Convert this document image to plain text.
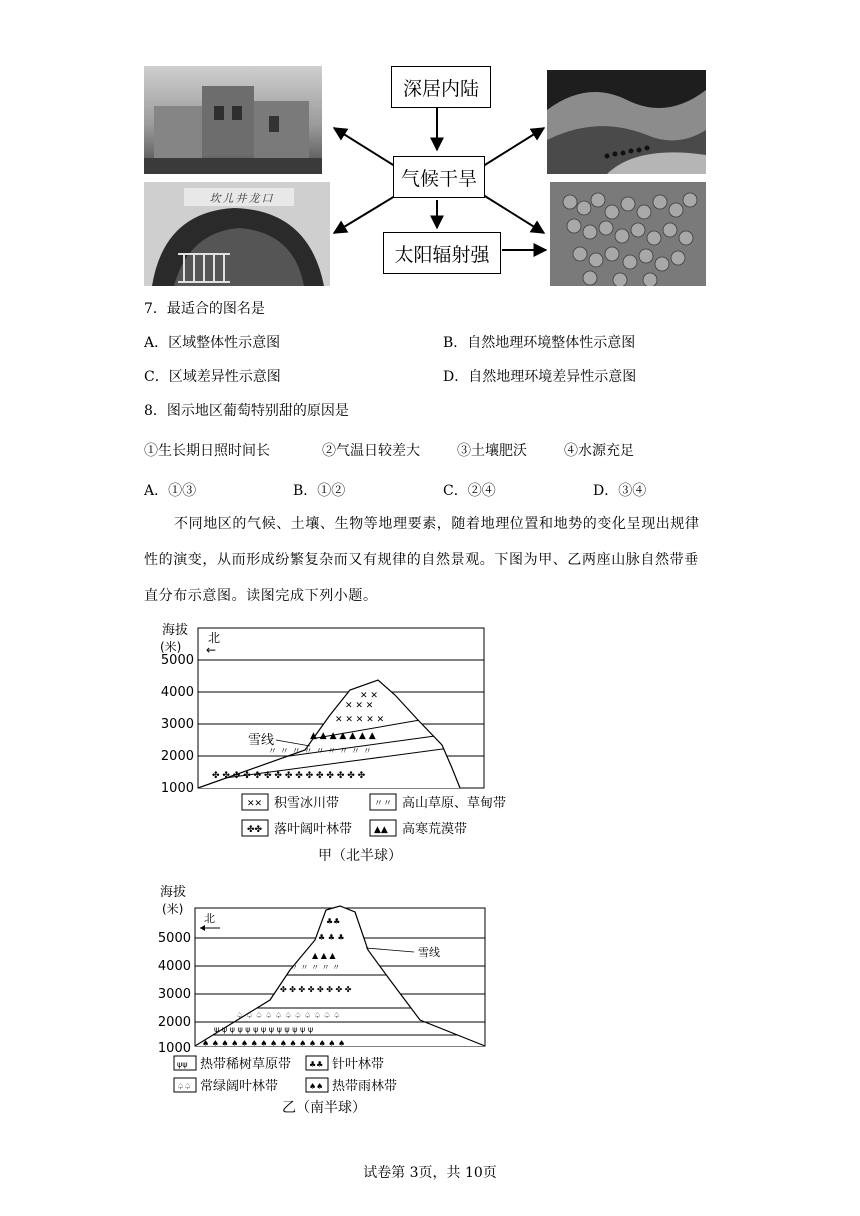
坎儿井龙口
深居内陆
气候干旱
太阳辐射强
7．最适合的图名是
A．区域整体性示意图	B．自然地理环境整体性示意图
C．区域差异性示意图	D．自然地理环境差异性示意图
8．图示地区葡萄特别甜的原因是
①生长期日照时间长	②气温日较差大	③土壤肥沃	④水源充足
A．①③	B．①②	C．②④	D．③④
不同地区的气候、土壤、生物等地理要素，随着地理位置和地势的变化呈现出规律
性的演变，从而形成纷繁复杂而又有规律的自然景观。下图为甲、乙两座山脉自然带垂
直分布示意图。读图完成下列小题。
✕ ✕ ✕
✕ ✕
✕ ✕ ✕ ✕ ✕
▲ ▲ ▲ ▲ ▲ ▲ ▲
〃 〃 〃 〃 〃 〃 〃 〃 〃
✤ ✤ ✤ ✤ ✤ ✤ ✤ ✤ ✤ ✤ ✤ ✤ ✤ ✤ ✤
5000
4000
3000
2000
1000
海拔
(米)
北
←
雪线
✕✕ 积雪冰川带	〃〃 高山草原、草甸带
✤✤ 落叶阔叶林带 ▲▲ 高寒荒漠带
甲（北半球）
♣♣
♣ ♣ ♣
▲ ▲ ▲
〃 〃 〃 〃 〃
✤ ✤ ✤ ✤ ✤ ✤ ✤ ✤
♤ ♤ ♤ ♤ ♤ ♤ ♤ ♤ ♤ ♤ ♤
ψ ψ ψ ψ ψ ψ ψ ψ ψ ψ ψ ψ ψ
♠ ♠ ♠ ♠ ♠ ♠ ♠ ♠ ♠ ♠ ♠ ♠ ♠ ♠ ♠
5000
4000
3000
2000
1000
海拔
(米)
北
雪线
ψψ 热带稀树草原带 ♣♣ 针叶林带
♤♤ 常绿阔叶林带	♠♠ 热带雨林带
乙（南半球）
试卷第 3页，共 10页
